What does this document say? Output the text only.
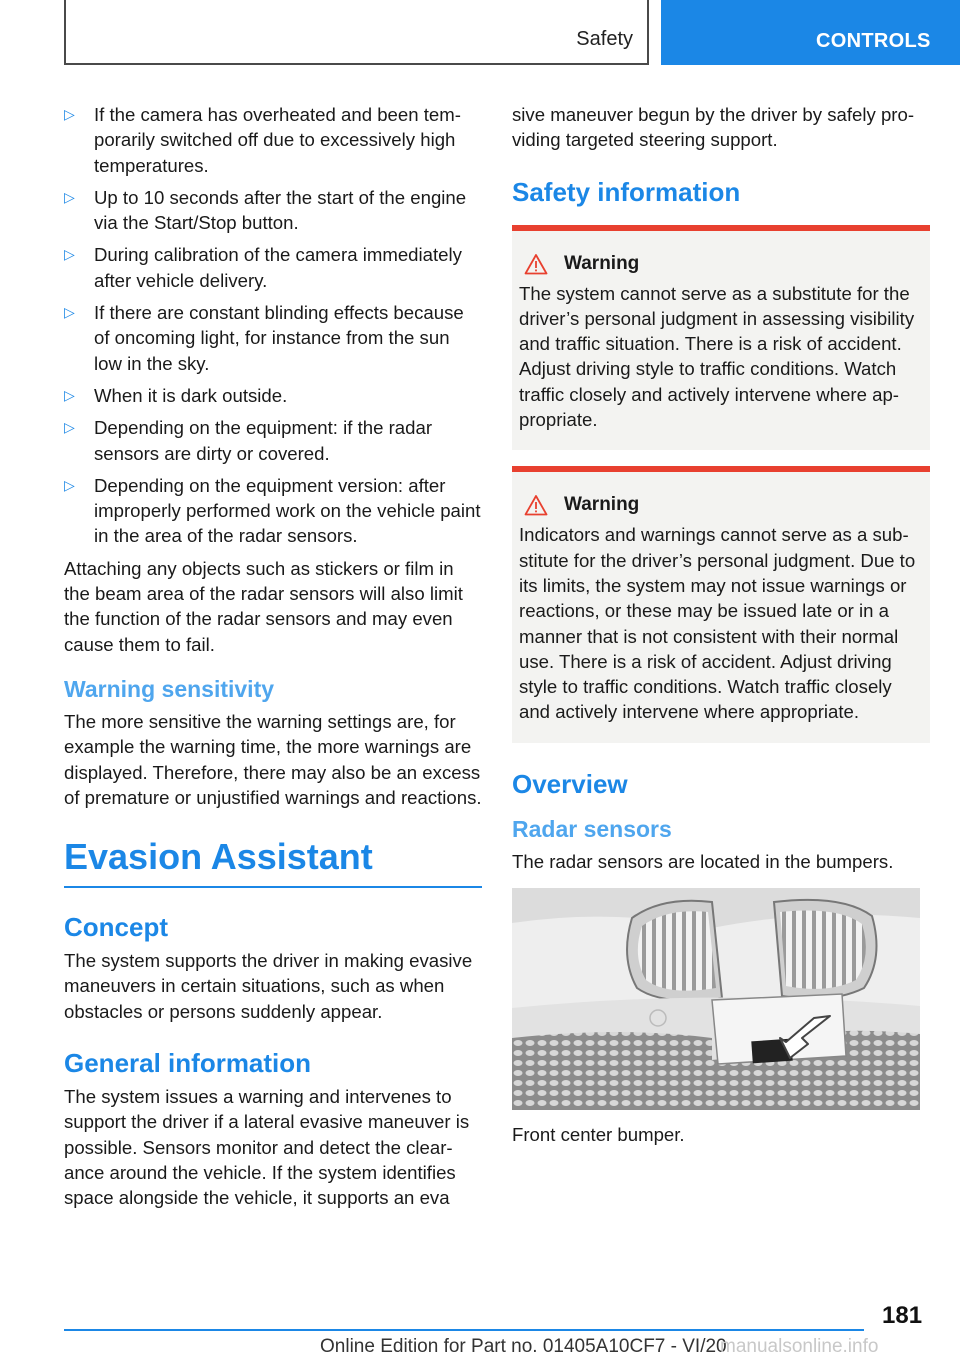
Safety	CONTROLS
▷ If the camera has overheated and been temporarily switched off due to excessively high temperatures.
▷ Up to 10 seconds after the start of the engine via the Start/Stop button.
▷ During calibration of the camera immediately after vehicle delivery.
▷ If there are constant blinding effects because of oncoming light, for instance from the sun low in the sky.
▷ When it is dark outside.
▷ Depending on the equipment: if the radar sensors are dirty or covered.
▷ Depending on the equipment version: after improperly performed work on the vehicle paint in the area of the radar sensors.

Attaching any objects such as stickers or film in the beam area of the radar sensors will also limit the function of the radar sensors and may even cause them to fail.

Warning sensitivity

The more sensitive the warning settings are, for example the warning time, the more warnings are displayed. Therefore, there may also be an excess of premature or unjustified warnings and reactions.

Evasion Assistant
Concept

The system supports the driver in making evasive maneuvers in certain situations, such as when obstacles or persons suddenly appear.

General information

The system issues a warning and intervenes to support the driver if a lateral evasive maneuver is possible. Sensors monitor and detect the clearance around the vehicle. If the system identifies space alongside the vehicle, it supports an eva

sive maneuver begun by the driver by safely providing targeted steering support.

Safety information
Warning

The system cannot serve as a substitute for the driver’s personal judgment in assessing visibility and traffic situation. There is a risk of accident. Adjust driving style to traffic conditions. Watch traffic closely and actively intervene where appropriate.

Warning

Indicators and warnings cannot serve as a substitute for the driver’s personal judgment. Due to its limits, the system may not issue warnings or reactions, or these may be issued late or in a manner that is not consistent with their normal use. There is a risk of accident. Adjust driving style to traffic conditions. Watch traffic closely and actively intervene where appropriate.

Overview
Radar sensors

The radar sensors are located in the bumpers.

Front center bumper.

181
Online Edition for Part no. 01405A10CF7 - VI/20
manualsonline.info
